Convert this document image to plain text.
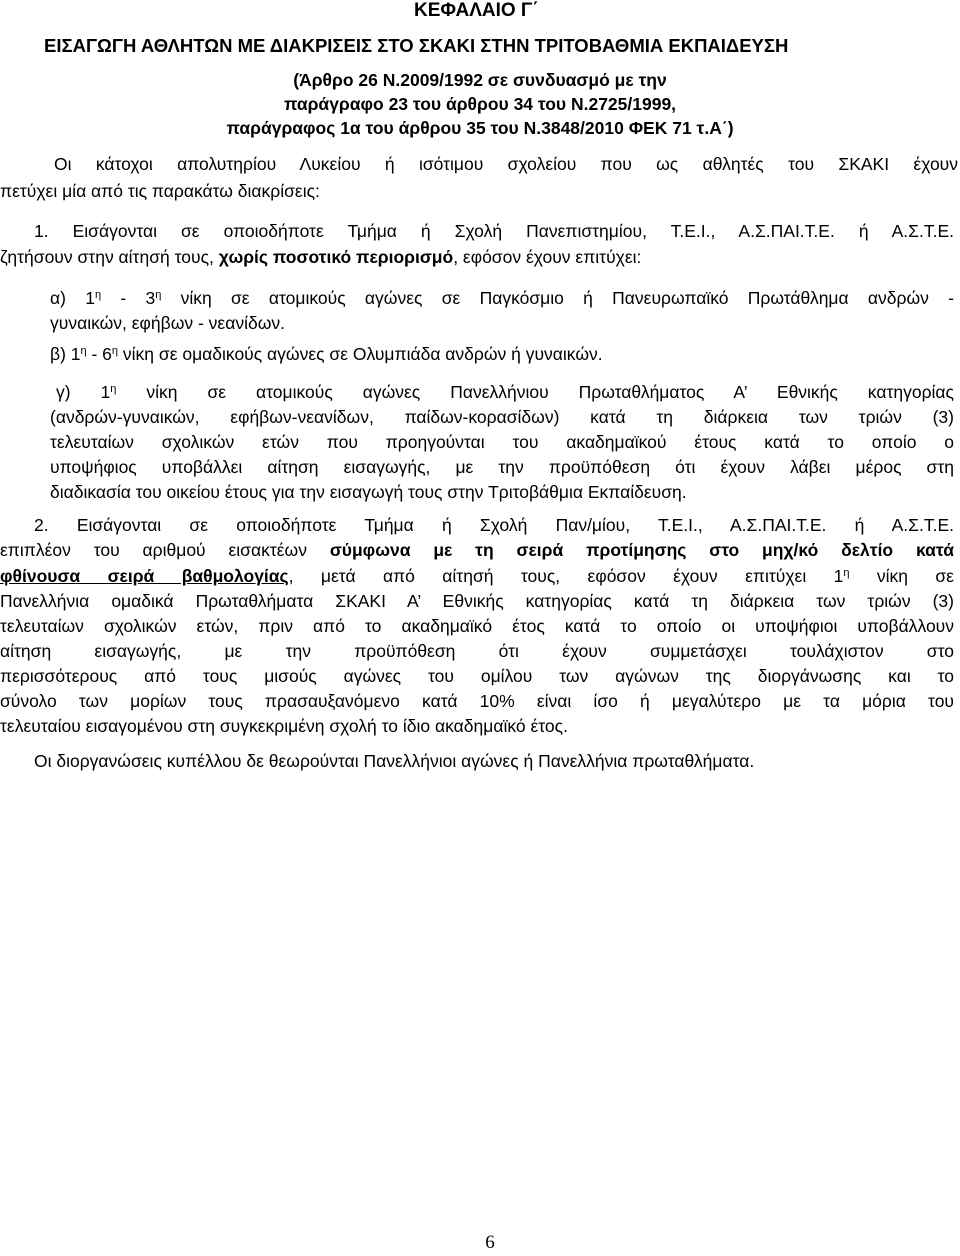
ΚΕΦΑΛΑΙΟ Γ΄
ΕΙΣΑΓΩΓΗ ΑΘΛΗΤΩΝ ΜΕ ΔΙΑΚΡΙΣΕΙΣ ΣΤΟ ΣΚΑΚΙ ΣΤΗΝ ΤΡΙΤΟΒΑΘΜΙΑ ΕΚΠΑΙΔΕΥΣΗ
(Άρθρο 26 Ν.2009/1992 σε συνδυασμό με την
παράγραφο 23 του άρθρου 34 του Ν.2725/1999,
παράγραφος 1α του άρθρου 35 του Ν.3848/2010 ΦΕΚ 71 τ.Α΄)
Οι κάτοχοι απολυτηρίου Λυκείου ή ισότιμου σχολείου που ως αθλητές του ΣΚΑΚΙ έχουν
πετύχει μία από τις παρακάτω διακρίσεις:
1. Εισάγονται σε οποιοδήποτε Τμήμα ή Σχολή Πανεπιστημίου, Τ.Ε.Ι., Α.Σ.ΠΑΙ.Τ.Ε. ή Α.Σ.Τ.Ε.
ζητήσουν στην αίτησή τους, χωρίς ποσοτικό περιορισμό, εφόσον έχουν επιτύχει:
α) $1^\eta - 3^\eta$ νίκη σε ατομικούς αγώνες σε Παγκόσμιο ή Πανευρωπαϊκό Πρωτάθλημα ανδρών -
γυναικών, εφήβων - νεανίδων.
β) $1^\eta - 6^\eta$ νίκη σε ομαδικούς αγώνες σε Ολυμπιάδα ανδρών ή γυναικών.
γ) $1^\eta$ νίκη σε ατομικούς αγώνες Πανελλήνιου Πρωταθλήματος Α’ Εθνικής κατηγορίας
(ανδρών-γυναικών, εφήβων-νεανίδων, παίδων-κορασίδων) κατά τη διάρκεια των τριών (3)
τελευταίων σχολικών ετών που προηγούνται του ακαδημαϊκού έτους κατά το οποίο ο
υποψήφιος υποβάλλει αίτηση εισαγωγής, με την προϋπόθεση ότι έχουν λάβει μέρος στη
διαδικασία του οικείου έτους για την εισαγωγή τους στην Τριτοβάθμια Εκπαίδευση.
2. Εισάγονται σε οποιοδήποτε Τμήμα ή Σχολή Παν/μίου, Τ.Ε.Ι., Α.Σ.ΠΑΙ.Τ.Ε. ή Α.Σ.Τ.Ε.
επιπλέον του αριθμού εισακτέων σύμφωνα με τη σειρά προτίμησης στο μηχ/κό δελτίο κατά
φθίνουσα σειρά βαθμολογίας, μετά από αίτησή τους, εφόσον έχουν επιτύχει $1^\eta$ νίκη σε
Πανελλήνια ομαδικά Πρωταθλήματα ΣΚΑΚΙ Α’ Εθνικής κατηγορίας κατά τη διάρκεια των τριών (3)
τελευταίων σχολικών ετών, πριν από το ακαδημαϊκό έτος κατά το οποίο οι υποψήφιοι υποβάλλουν
αίτηση εισαγωγής, με την προϋπόθεση ότι έχουν συμμετάσχει τουλάχιστον στο
περισσότερους από τους μισούς αγώνες του ομίλου των αγώνων της διοργάνωσης και το
σύνολο των μορίων τους πρασαυξανόμενο κατά 10% είναι ίσο ή μεγαλύτερο με τα μόρια του
τελευταίου εισαγομένου στη συγκεκριμένη σχολή το ίδιο ακαδημαϊκό έτος.
Οι διοργανώσεις κυπέλλου δε θεωρούνται Πανελλήνιοι αγώνες ή Πανελλήνια πρωταθλήματα.
6
